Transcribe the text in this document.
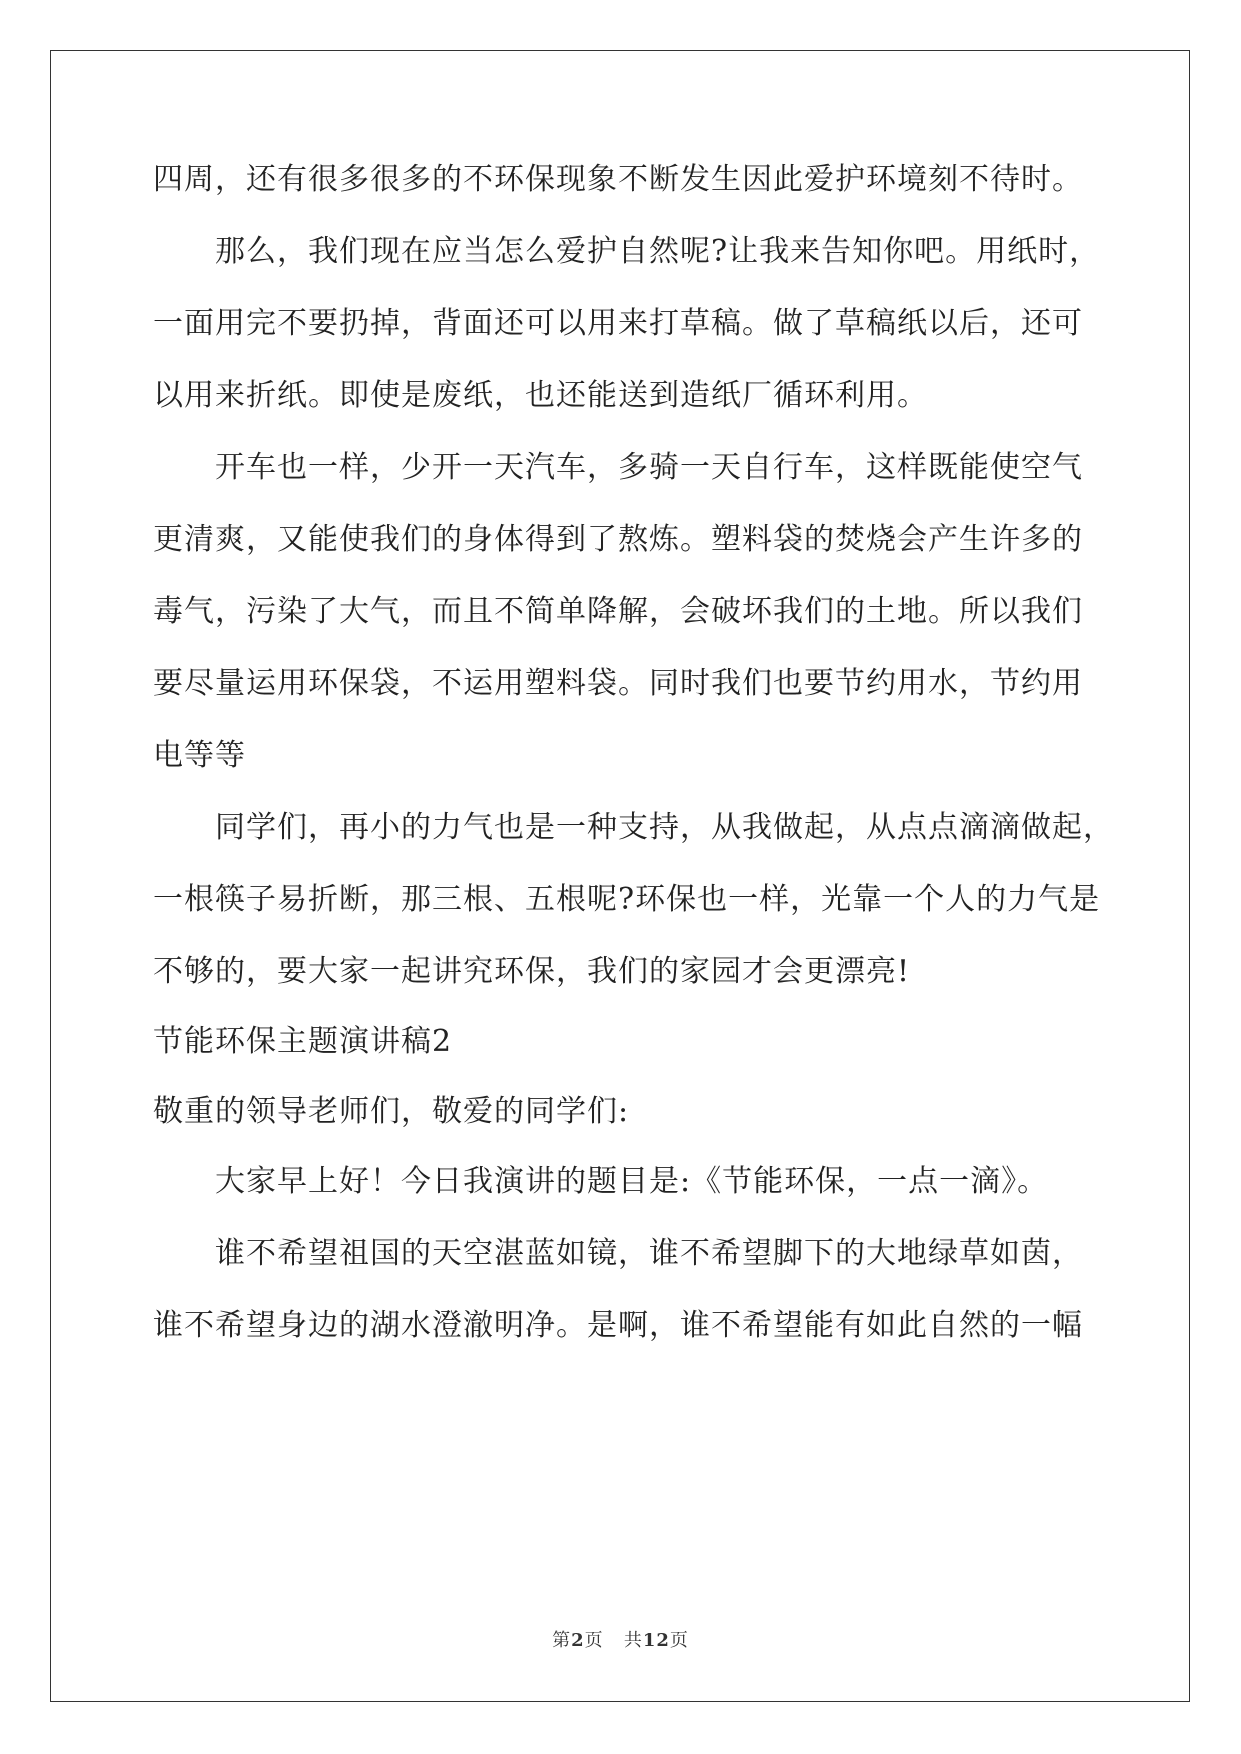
四周，还有很多很多的不环保现象不断发生因此爱护环境刻不待时。
那么，我们现在应当怎么爱护自然呢?让我来告知你吧。用纸时，
一面用完不要扔掉，背面还可以用来打草稿。做了草稿纸以后，还可
以用来折纸。即使是废纸，也还能送到造纸厂循环利用。
开车也一样，少开一天汽车，多骑一天自行车，这样既能使空气
更清爽，又能使我们的身体得到了熬炼。塑料袋的焚烧会产生许多的
毒气，污染了大气，而且不简单降解，会破坏我们的土地。所以我们
要尽量运用环保袋，不运用塑料袋。同时我们也要节约用水，节约用
电等等
同学们，再小的力气也是一种支持，从我做起，从点点滴滴做起，
一根筷子易折断，那三根、五根呢?环保也一样，光靠一个人的力气是
不够的，要大家一起讲究环保，我们的家园才会更漂亮!
节能环保主题演讲稿2
敬重的领导老师们，敬爱的同学们:
大家早上好！今日我演讲的题目是:《节能环保，一点一滴》。
谁不希望祖国的天空湛蓝如镜，谁不希望脚下的大地绿草如茵，
谁不希望身边的湖水澄澈明净。是啊，谁不希望能有如此自然的一幅
第2页 共12页
